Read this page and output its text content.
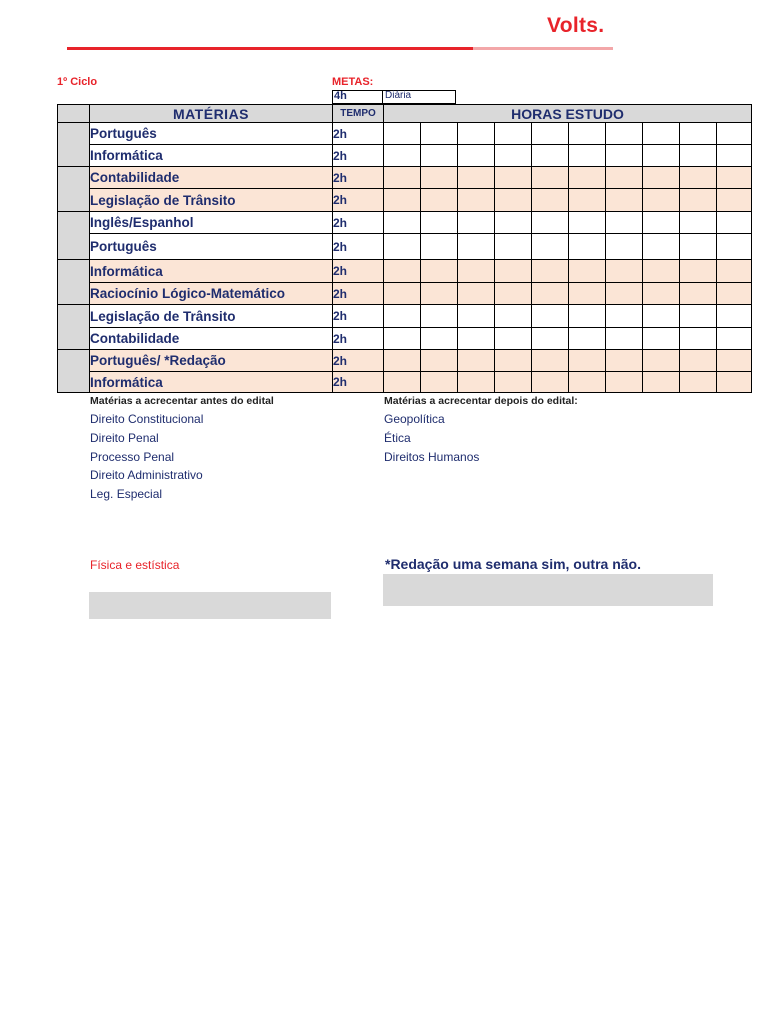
Volts.
1º Ciclo	METAS:
4h	Diária
	MATÉRIAS	TEMPO	HORAS ESTUDO									
	Português	2h										
	Informática	2h										
	Contabilidade	2h										
	Legislação de Trânsito	2h										
	Inglês/Espanhol	2h										
	Português	2h										
	Informática	2h										
	Raciocínio Lógico-Matemático	2h										
	Legislação de Trânsito	2h										
	Contabilidade	2h										
	Português/ *Redação	2h										
	Informática	2h										
Matérias a acrecentar antes do edital
Direito Constitucional
Direito Penal
Processo Penal
Direito Administrativo
Leg. Especial
Matérias a acrecentar depois do edital:
Geopolítica
Ética
Direitos Humanos
Física e estística	*Redação uma semana sim, outra não.
